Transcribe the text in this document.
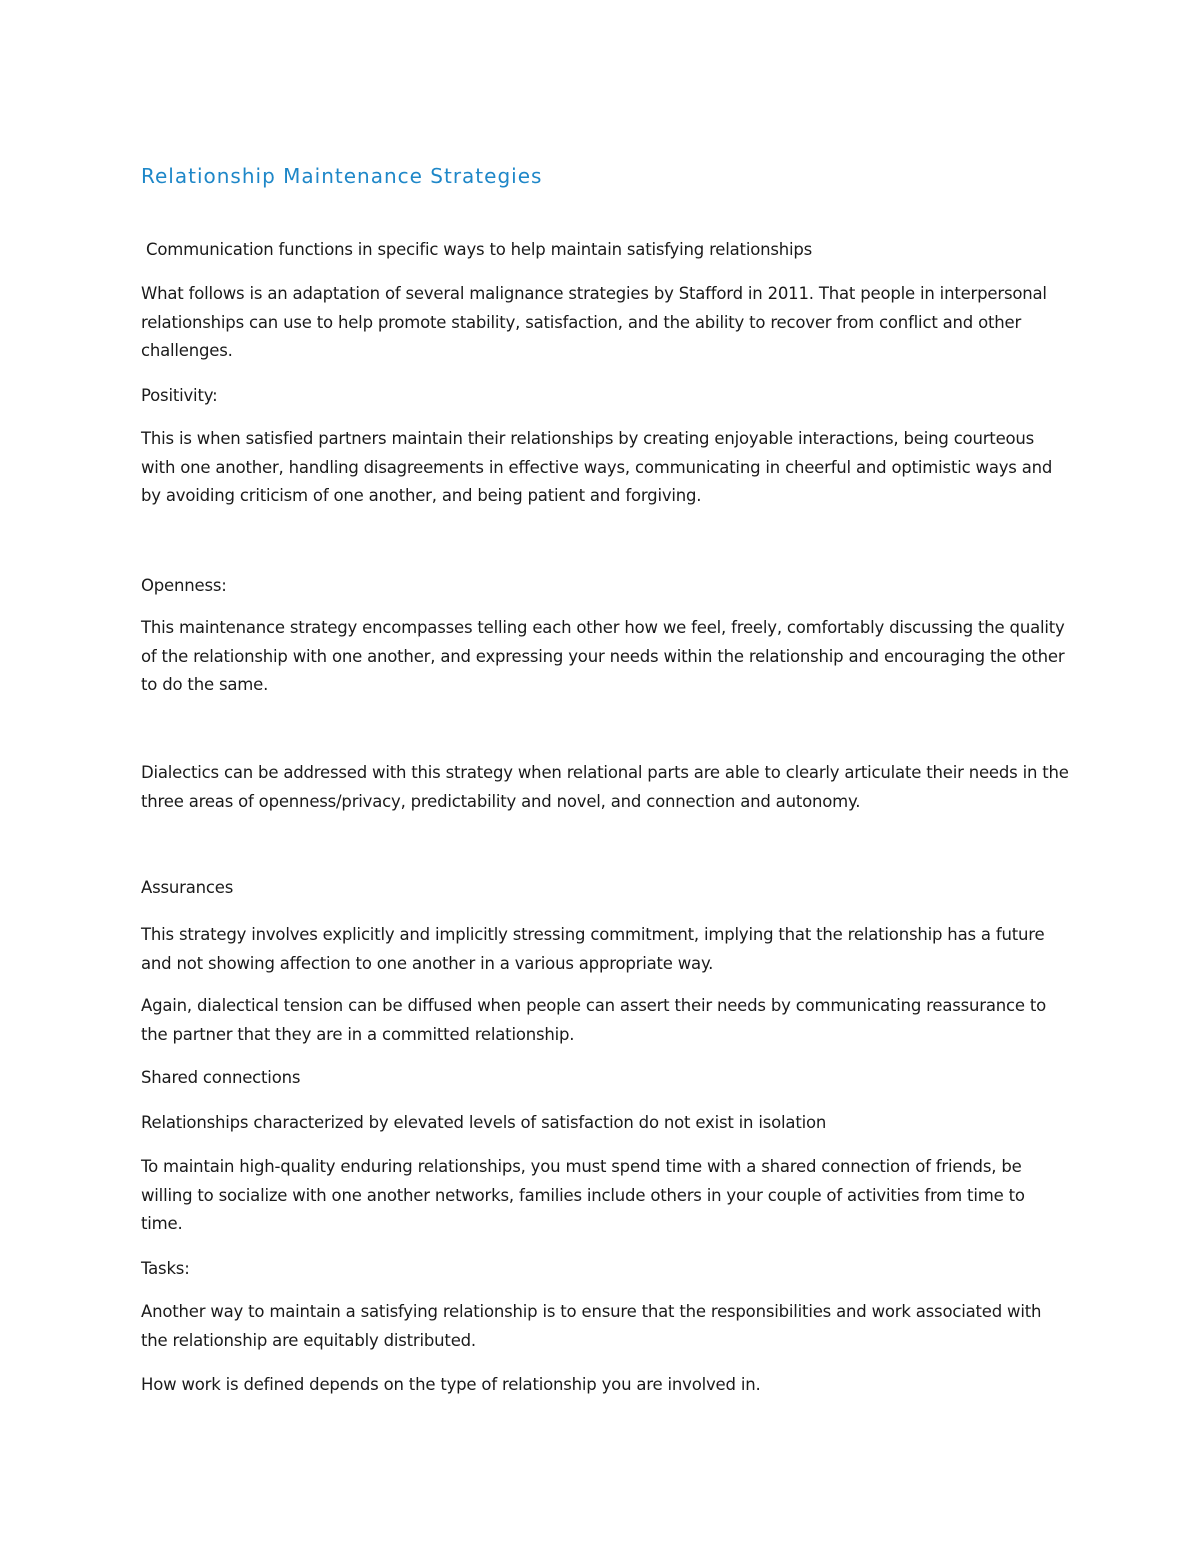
Relationship Maintenance Strategies

Communication functions in specific ways to help maintain satisfying relationships

What follows is an adaptation of several malignance strategies by Stafford in 2011. That people in interpersonal relationships can use to help promote stability, satisfaction, and the ability to recover from conflict and other challenges.

Positivity:

This is when satisfied partners maintain their relationships by creating enjoyable interactions, being courteous with one another, handling disagreements in effective ways, communicating in cheerful and optimistic ways and by avoiding criticism of one another, and being patient and forgiving.

Openness:

This maintenance strategy encompasses telling each other how we feel, freely, comfortably discussing the quality of the relationship with one another, and expressing your needs within the relationship and encouraging the other to do the same.

Dialectics can be addressed with this strategy when relational parts are able to clearly articulate their needs in the three areas of openness/privacy, predictability and novel, and connection and autonomy.

Assurances

This strategy involves explicitly and implicitly stressing commitment, implying that the relationship has a future and not showing affection to one another in a various appropriate way.

Again, dialectical tension can be diffused when people can assert their needs by communicating reassurance to the partner that they are in a committed relationship.

Shared connections

Relationships characterized by elevated levels of satisfaction do not exist in isolation

To maintain high-quality enduring relationships, you must spend time with a shared connection of friends, be willing to socialize with one another networks, families include others in your couple of activities from time to time.

Tasks:

Another way to maintain a satisfying relationship is to ensure that the responsibilities and work associated with the relationship are equitably distributed.

How work is defined depends on the type of relationship you are involved in.
